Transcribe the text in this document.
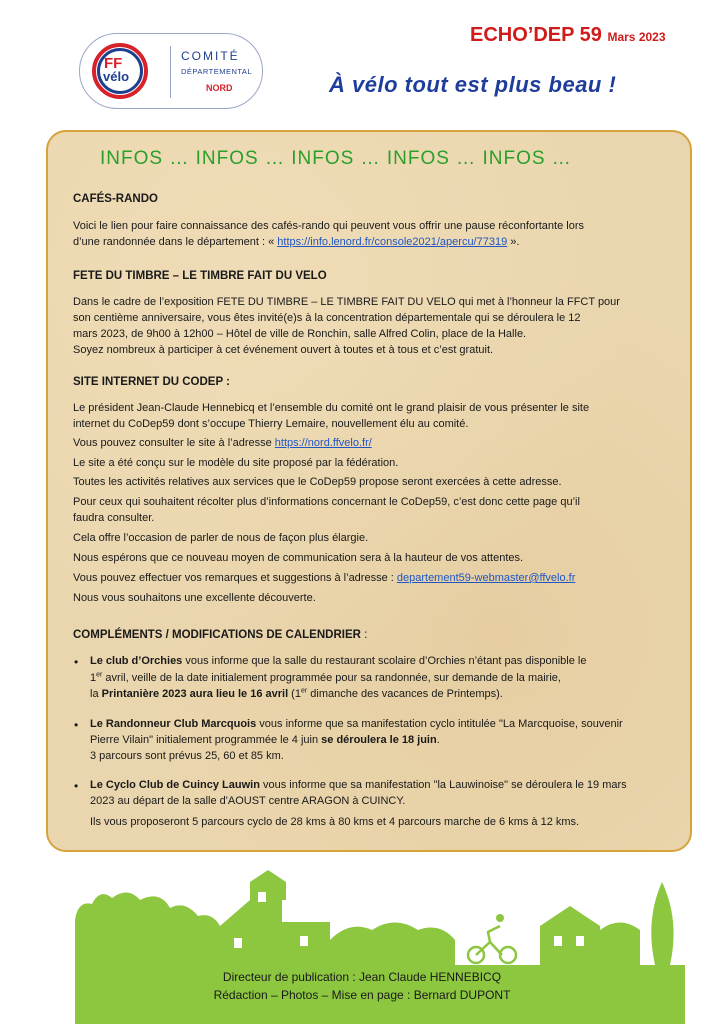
FF
vélo
COMITÉ
DÉPARTEMENTAL
NORD
ECHO’DEP 59 Mars 2023
À vélo tout est plus beau !
INFOS … INFOS … INFOS … INFOS … INFOS …
CAFÉS-RANDO
Voici le lien pour faire connaissance des cafés-rando qui peuvent vous offrir une pause réconfortante lors
d’une randonnée dans le département : « https://info.lenord.fr/console2021/apercu/77319 ».
FETE DU TIMBRE – LE TIMBRE FAIT DU VELO
Dans le cadre de l’exposition FETE DU TIMBRE – LE TIMBRE FAIT DU VELO qui met à l’honneur la FFCT pour
son centième anniversaire, vous êtes invité(e)s à la concentration départementale qui se déroulera le 12
mars 2023, de 9h00 à 12h00 – Hôtel de ville de Ronchin, salle Alfred Colin, place de la Halle.
Soyez nombreux à participer à cet événement ouvert à toutes et à tous et c’est gratuit.
SITE INTERNET DU CODEP :
Le président Jean-Claude Hennebicq et l’ensemble du comité ont le grand plaisir de vous présenter le site
internet du CoDep59 dont s’occupe Thierry Lemaire, nouvellement élu au comité.
Vous pouvez consulter le site à l’adresse https://nord.ffvelo.fr/
Le site a été conçu sur le modèle du site proposé par la fédération.
Toutes les activités relatives aux services que le CoDep59 propose seront exercées à cette adresse.
Pour ceux qui souhaitent récolter plus d’informations concernant le CoDep59, c’est donc cette page qu’il
faudra consulter.
Cela offre l’occasion de parler de nous de façon plus élargie.
Nous espérons que ce nouveau moyen de communication sera à la hauteur de vos attentes.
Vous pouvez effectuer vos remarques et suggestions à l’adresse : departement59-webmaster@ffvelo.fr
Nous vous souhaitons une excellente découverte.
COMPLÉMENTS / MODIFICATIONS DE CALENDRIER :
• Le club d’Orchies vous informe que la salle du restaurant scolaire d’Orchies n’étant pas disponible le
1er avril, veille de la date initialement programmée pour sa randonnée, sur demande de la mairie,
la Printanière 2023 aura lieu le 16 avril (1er dimanche des vacances de Printemps).
• Le Randonneur Club Marcquois vous informe que sa manifestation cyclo intitulée "La Marcquoise, souvenir
Pierre Vilain" initialement programmée le 4 juin se déroulera le 18 juin.
3 parcours sont prévus 25, 60 et 85 km.
• Le Cyclo Club de Cuincy Lauwin vous informe que sa manifestation "la Lauwinoise" se déroulera le 19 mars
2023 au départ de la salle d'AOUST centre ARAGON à CUINCY.
Ils vous proposeront 5 parcours cyclo de 28 kms à 80 kms et 4 parcours marche de 6 kms à 12 kms.
Directeur de publication : Jean Claude HENNEBICQ
Rédaction – Photos – Mise en page : Bernard DUPONT
